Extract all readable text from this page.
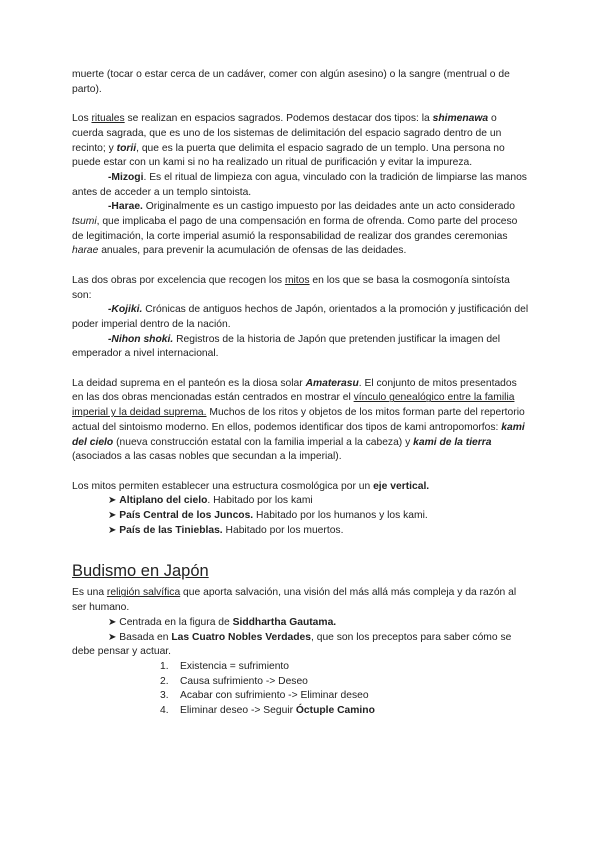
muerte (tocar o estar cerca de un cadáver, comer con algún asesino) o la sangre (mentrual o de parto).

Los rituales se realizan en espacios sagrados. Podemos destacar dos tipos: la shimenawa o cuerda sagrada, que es uno de los sistemas de delimitación del espacio sagrado dentro de un recinto; y torii, que es la puerta que delimita el espacio sagrado de un templo. Una persona no puede estar con un kami si no ha realizado un ritual de purificación y evitar la impureza.

-Mizogi. Es el ritual de limpieza con agua, vinculado con la tradición de limpiarse las manos antes de acceder a un templo sintoista.

-Harae. Originalmente es un castigo impuesto por las deidades ante un acto considerado tsumi, que implicaba el pago de una compensación en forma de ofrenda. Como parte del proceso de legitimación, la corte imperial asumió la responsabilidad de realizar dos grandes ceremonias harae anuales, para prevenir la acumulación de ofensas de las deidades.

Las dos obras por excelencia que recogen los mitos en los que se basa la cosmogonía sintoísta son:

-Kojiki. Crónicas de antiguos hechos de Japón, orientados a la promoción y justificación del poder imperial dentro de la nación.

-Nihon shoki. Registros de la historia de Japón que pretenden justificar la imagen del emperador a nivel internacional.

La deidad suprema en el panteón es la diosa solar Amaterasu. El conjunto de mitos presentados en las dos obras mencionadas están centrados en mostrar el vínculo genealógico entre la familia imperial y la deidad suprema. Muchos de los ritos y objetos de los mitos forman parte del repertorio actual del sintoismo moderno. En ellos, podemos identificar dos tipos de kami antropomorfos: kami del cielo (nueva construcción estatal con la familia imperial a la cabeza) y kami de la tierra (asociados a las casas nobles que secundan a la imperial).

Los mitos permiten establecer una estructura cosmológica por un eje vertical.

➤ Altiplano del cielo. Habitado por los kami

➤ País Central de los Juncos. Habitado por los humanos y los kami.

➤ País de las Tinieblas. Habitado por los muertos.

Budismo en Japón

Es una religión salvífica que aporta salvación, una visión del más allá más compleja y da razón al ser humano.

➤ Centrada en la figura de Siddhartha Gautama.

➤ Basada en Las Cuatro Nobles Verdades, que son los preceptos para saber cómo se debe pensar y actuar.

1.	Existencia = sufrimiento
2.	Causa sufrimiento -> Deseo
3.	Acabar con sufrimiento -> Eliminar deseo
4.	Eliminar deseo -> Seguir Óctuple Camino
